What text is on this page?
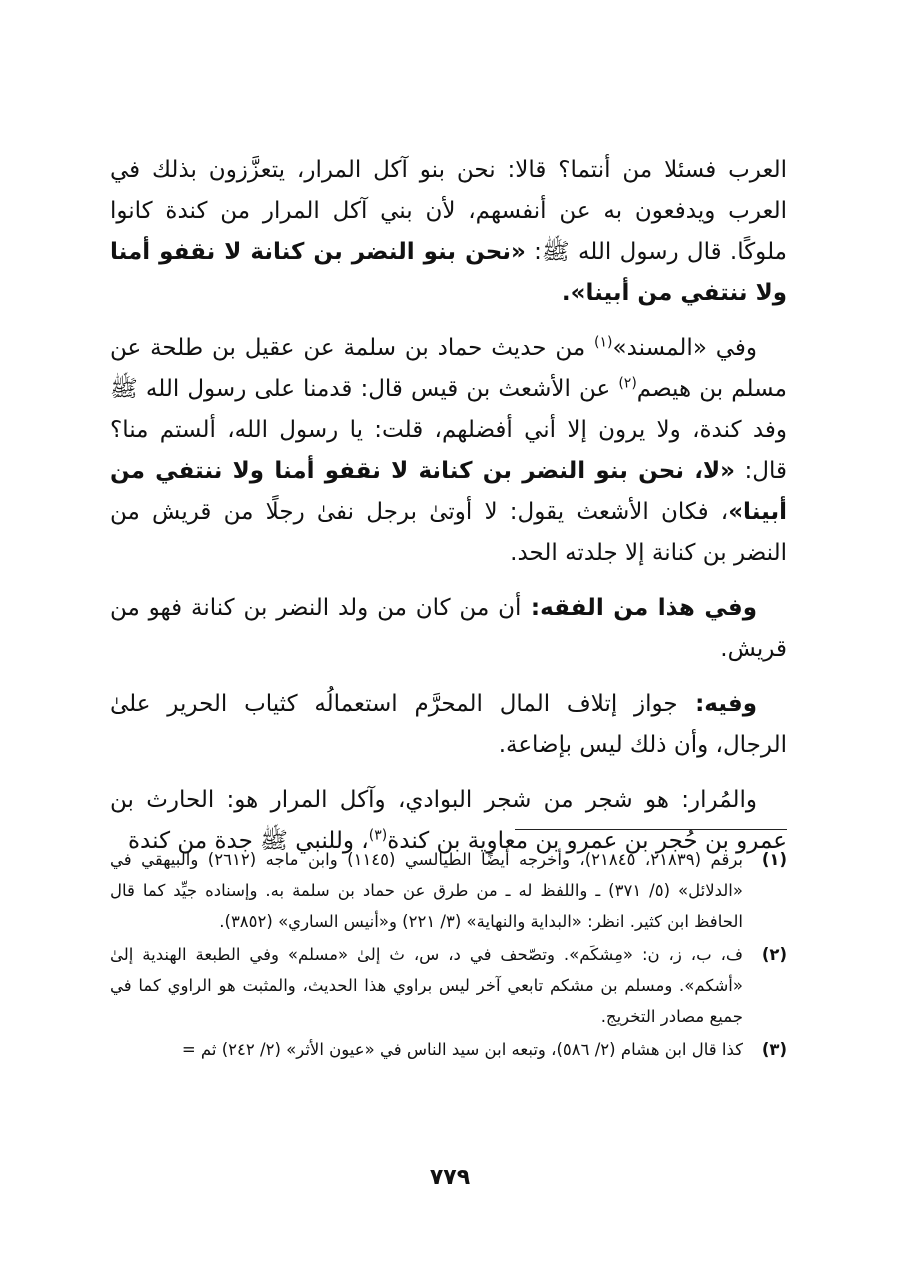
العرب فسئلا من أنتما؟ قالا: نحن بنو آكل المرار، يتعزَّزون بذلك في العرب ويدفعون به عن أنفسهم، لأن بني آكل المرار من كندة كانوا ملوكًا. قال رسول الله ﷺ: «نحن بنو النضر بن كنانة لا نقفو أمنا ولا ننتفي من أبينا».

وفي «المسند»$^{(١)}$ من حديث حماد بن سلمة عن عقيل بن طلحة عن مسلم بن هيصم$^{(٢)}$ عن الأشعث بن قيس قال: قدمنا على رسول الله ﷺ وفد كندة، ولا يرون إلا أني أفضلهم، قلت: يا رسول الله، ألستم منا؟ قال: «لا، نحن بنو النضر بن كنانة لا نقفو أمنا ولا ننتفي من أبينا»، فكان الأشعث يقول: لا أوتىٰ برجل نفىٰ رجلًا من قريش من النضر بن كنانة إلا جلدته الحد.

وفي هذا من الفقه: أن من كان من ولد النضر بن كنانة فهو من قريش.

وفيه: جواز إتلاف المال المحرَّم استعمالُه كثياب الحرير علىٰ الرجال، وأن ذلك ليس بإضاعة.

والمُرار: هو شجر من شجر البوادي، وآكل المرار هو: الحارث بن عمرو بن حُجر بن عمرو بن معاوية بن كندة$^{(٣)}$، وللنبي ﷺ جدة من كندة

(١)
برقم (٢١٨٣٩، ٢١٨٤٥)، وأخرجه أيضًا الطيالسي (١١٤٥) وابن ماجه (٢٦١٢) والبيهقي في «الدلائل» (٥/ ٣٧١) ـ واللفظ له ـ من طرق عن حماد بن سلمة به. وإسناده جيِّد كما قال الحافظ ابن كثير. انظر: «البداية والنهاية» (٣/ ٢٢١) و«أنيس الساري» (٣٨٥٢).
(٢)
ف، ب، ز، ن: «مِشكَم». وتصّحف في د، س، ث إلىٰ «مسلم» وفي الطبعة الهندية إلىٰ «أشكم». ومسلم بن مشكم تابعي آخر ليس براوي هذا الحديث، والمثبت هو الراوي كما في جميع مصادر التخريج.
(٣)
كذا قال ابن هشام (٢/ ٥٨٦)، وتبعه ابن سيد الناس في «عيون الأثر» (٢/ ٢٤٢) ثم =
٧٧٩
